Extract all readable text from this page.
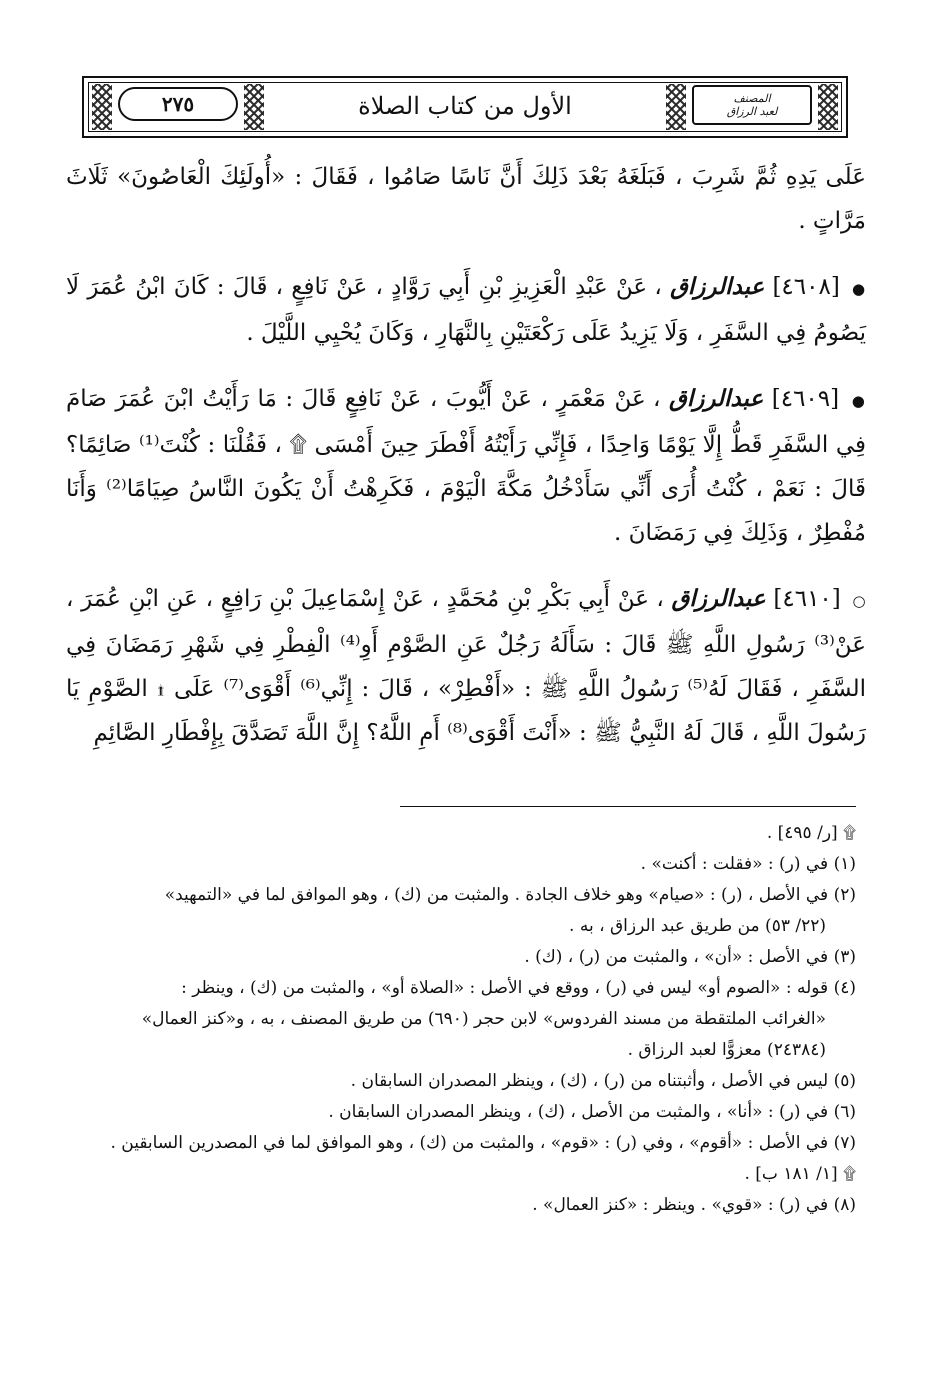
٢٧٥	الأول من كتاب الصلاة	المصنف
لعبد الرزاق

عَلَى يَدِهِ ثُمَّ شَرِبَ ، فَبَلَغَهُ بَعْدَ ذَلِكَ أَنَّ نَاسًا صَامُوا ، فَقَالَ : «أُولَئِكَ الْعَاصُونَ» ثَلَاثَ مَرَّاتٍ .

● [٤٦٠٨] عبدالرزاق ، عَنْ عَبْدِ الْعَزِيزِ بْنِ أَبِي رَوَّادٍ ، عَنْ نَافِعٍ ، قَالَ : كَانَ ابْنُ عُمَرَ لَا يَصُومُ فِي السَّفَرِ ، وَلَا يَزِيدُ عَلَى رَكْعَتَيْنِ بِالنَّهَارِ ، وَكَانَ يُحْيِي اللَّيْلَ .

● [٤٦٠٩] عبدالرزاق ، عَنْ مَعْمَرٍ ، عَنْ أَيُّوبَ ، عَنْ نَافِعٍ قَالَ : مَا رَأَيْتُ ابْنَ عُمَرَ صَامَ فِي السَّفَرِ قَطُّ إِلَّا يَوْمًا وَاحِدًا ، فَإِنِّي رَأَيْتُهُ أَفْطَرَ حِينَ أَمْسَى ۩ ، فَقُلْنَا : كُنْتَ⁽¹⁾ صَائِمًا؟ قَالَ : نَعَمْ ، كُنْتُ أُرَى أَنِّي سَأَدْخُلُ مَكَّةَ الْيَوْمَ ، فَكَرِهْتُ أَنْ يَكُونَ النَّاسُ صِيَامًا⁽²⁾ وَأَنَا مُفْطِرٌ ، وَذَلِكَ فِي رَمَضَانَ .

○ [٤٦١٠] عبدالرزاق ، عَنْ أَبِي بَكْرِ بْنِ مُحَمَّدٍ ، عَنْ إِسْمَاعِيلَ بْنِ رَافِعٍ ، عَنِ ابْنِ عُمَرَ ، عَنْ⁽³⁾ رَسُولِ اللَّهِ ﷺ قَالَ : سَأَلَهُ رَجُلٌ عَنِ الصَّوْمِ أَوِ⁽⁴⁾ الْفِطْرِ فِي شَهْرِ رَمَضَانَ فِي السَّفَرِ ، فَقَالَ لَهُ⁽⁵⁾ رَسُولُ اللَّهِ ﷺ : «أَفْطِرْ» ، قَالَ : إِنِّي⁽⁶⁾ أَقْوَى⁽⁷⁾ عَلَى ۩ الصَّوْمِ يَا رَسُولَ اللَّهِ ، قَالَ لَهُ النَّبِيُّ ﷺ : «أَنْتَ أَقْوَى⁽⁸⁾ أَمِ اللَّهُ؟ إِنَّ اللَّهَ تَصَدَّقَ بِإِفْطَارِ الصَّائِمِ

۩ [ر/ ٤٩٥] .
(١) في (ر) : «فقلت : أكنت» .
(٢) في الأصل ، (ر) : «صيام» وهو خلاف الجادة . والمثبت من (ك) ، وهو الموافق لما في «التمهيد»
(٢٢/ ٥٣) من طريق عبد الرزاق ، به .
(٣) في الأصل : «أن» ، والمثبت من (ر) ، (ك) .
(٤) قوله : «الصوم أو» ليس في (ر) ، ووقع في الأصل : «الصلاة أو» ، والمثبت من (ك) ، وينظر :
«الغرائب الملتقطة من مسند الفردوس» لابن حجر (٦٩٠) من طريق المصنف ، به ، و«كنز العمال»
(٢٤٣٨٤) معزوًّا لعبد الرزاق .
(٥) ليس في الأصل ، وأثبتناه من (ر) ، (ك) ، وينظر المصدران السابقان .
(٦) في (ر) : «أنا» ، والمثبت من الأصل ، (ك) ، وينظر المصدران السابقان .
(٧) في الأصل : «أقوم» ، وفي (ر) : «قوم» ، والمثبت من (ك) ، وهو الموافق لما في المصدرين السابقين .
۩ [١/ ١٨١ ب] .
(٨) في (ر) : «قوي» . وينظر : «كنز العمال» .
